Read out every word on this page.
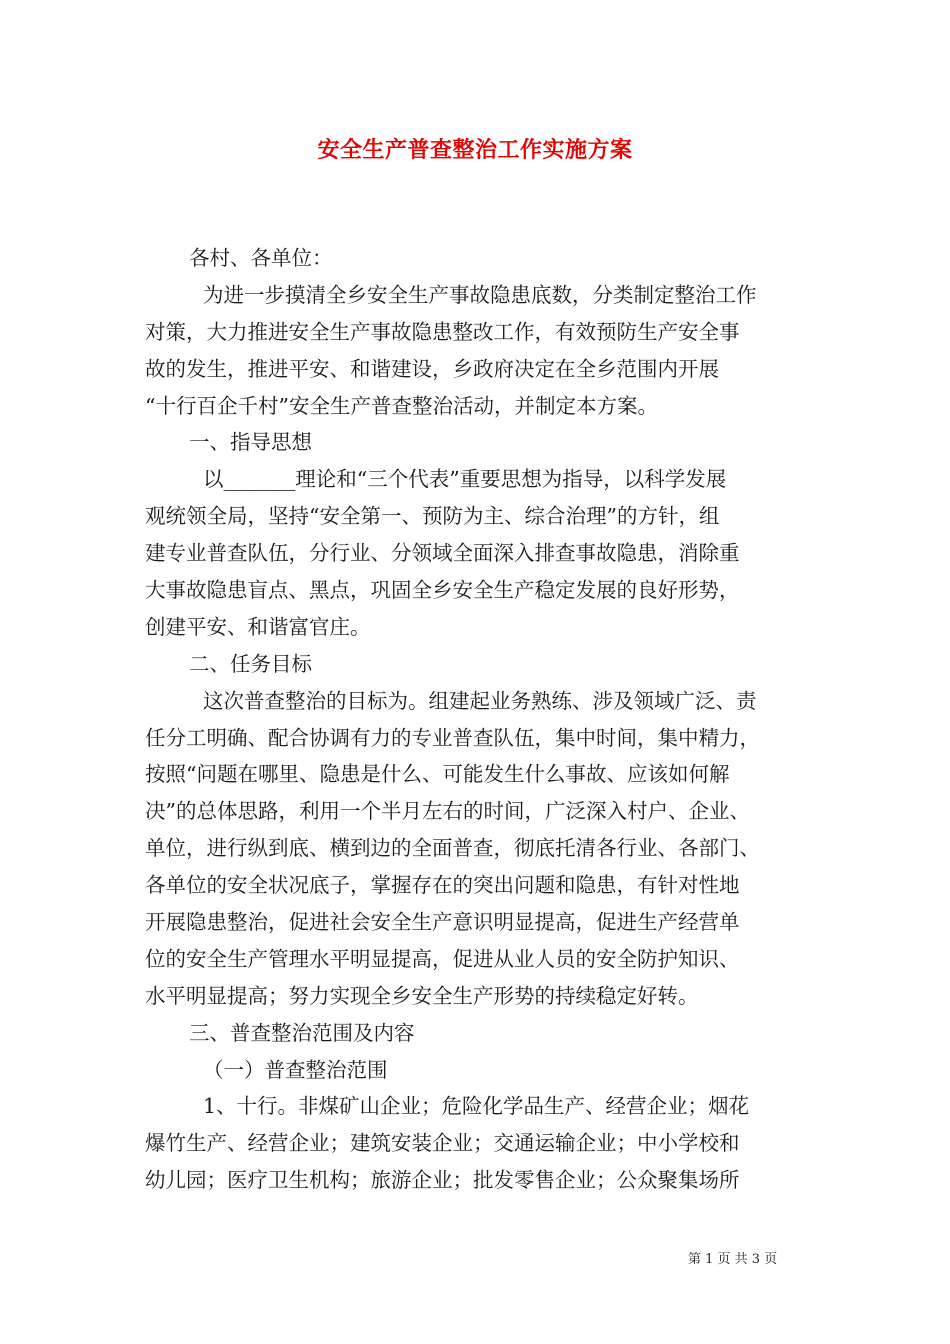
安全生产普查整治工作实施方案
各村、各单位：
为进一步摸清全乡安全生产事故隐患底数，分类制定整治工作
对策，大力推进安全生产事故隐患整改工作，有效预防生产安全事
故的发生，推进平安、和谐建设，乡政府决定在全乡范围内开展
“十行百企千村”安全生产普查整治活动，并制定本方案。
一、指导思想
以_______理论和“三个代表”重要思想为指导，以科学发展
观统领全局，坚持“安全第一、预防为主、综合治理”的方针，组
建专业普查队伍，分行业、分领域全面深入排查事故隐患，消除重
大事故隐患盲点、黑点，巩固全乡安全生产稳定发展的良好形势，
创建平安、和谐富官庄。
二、任务目标
这次普查整治的目标为。组建起业务熟练、涉及领域广泛、责
任分工明确、配合协调有力的专业普查队伍，集中时间，集中精力，
按照“问题在哪里、隐患是什么、可能发生什么事故、应该如何解
决”的总体思路，利用一个半月左右的时间，广泛深入村户、企业、
单位，进行纵到底、横到边的全面普查，彻底托清各行业、各部门、
各单位的安全状况底子，掌握存在的突出问题和隐患，有针对性地
开展隐患整治，促进社会安全生产意识明显提高，促进生产经营单
位的安全生产管理水平明显提高，促进从业人员的安全防护知识、
水平明显提高；努力实现全乡安全生产形势的持续稳定好转。
三、普查整治范围及内容
（一）普查整治范围
1、十行。非煤矿山企业；危险化学品生产、经营企业；烟花
爆竹生产、经营企业；建筑安装企业；交通运输企业；中小学校和
幼儿园；医疗卫生机构；旅游企业；批发零售企业；公众聚集场所
第 1 页 共 3 页
